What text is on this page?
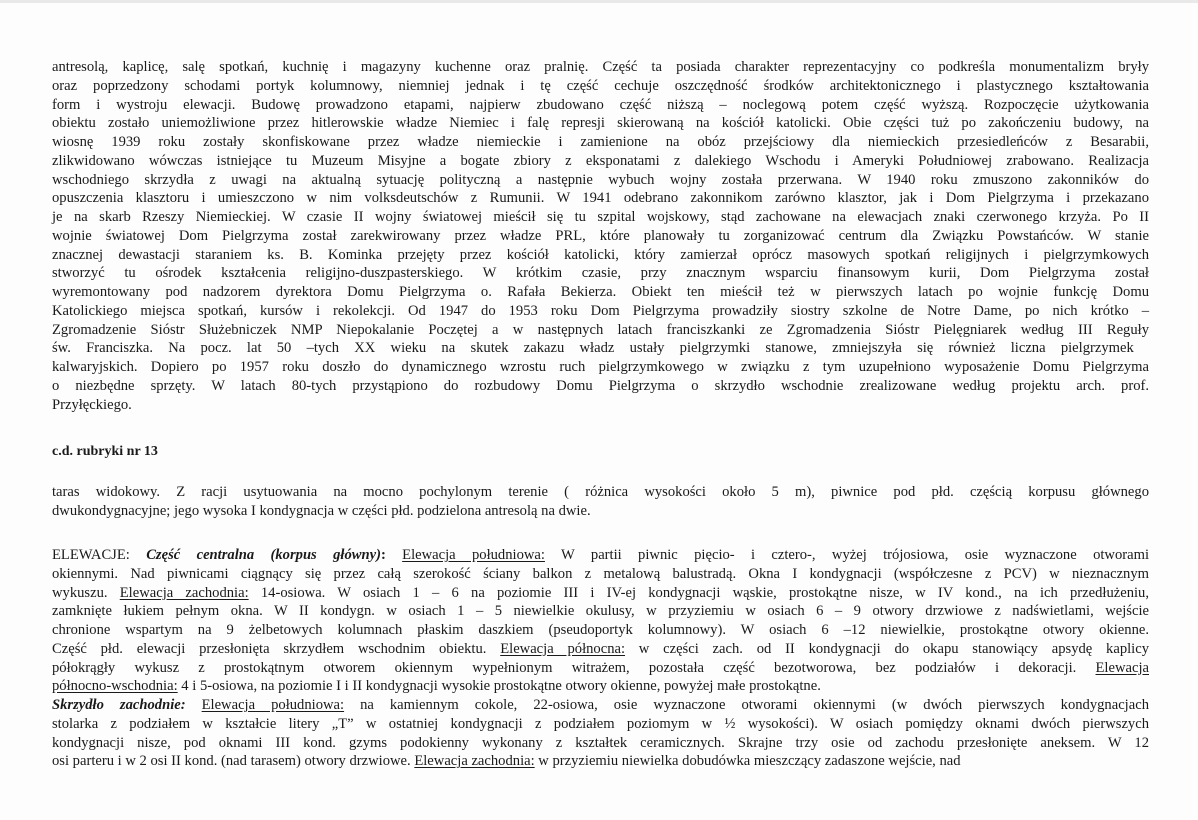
antresolą, kaplicę, salę spotkań, kuchnię i magazyny kuchenne oraz pralnię. Część ta posiada charakter reprezentacyjny co podkreśla monumentalizm bryły
oraz poprzedzony schodami portyk kolumnowy, niemniej jednak i tę część cechuje oszczędność środków architektonicznego i plastycznego kształtowania
form i wystroju elewacji. Budowę prowadzono etapami, najpierw zbudowano część niższą – noclegową potem część wyższą. Rozpoczęcie użytkowania
obiektu zostało uniemożliwione przez hitlerowskie władze Niemiec i falę represji skierowaną na kościół katolicki. Obie części tuż po zakończeniu budowy, na
wiosnę 1939 roku zostały skonfiskowane przez władze niemieckie i zamienione na obóz przejściowy dla niemieckich przesiedleńców z Besarabii,
zlikwidowano wówczas istniejące tu Muzeum Misyjne a bogate zbiory z eksponatami z dalekiego Wschodu i Ameryki Południowej zrabowano. Realizacja
wschodniego skrzydła z uwagi na aktualną sytuację polityczną a następnie wybuch wojny została przerwana. W 1940 roku zmuszono zakonników do
opuszczenia klasztoru i umieszczono w nim volksdeutschów z Rumunii. W 1941 odebrano zakonnikom zarówno klasztor, jak i Dom Pielgrzyma i przekazano
je na skarb Rzeszy Niemieckiej. W czasie II wojny światowej mieścił się tu szpital wojskowy, stąd zachowane na elewacjach znaki czerwonego krzyża. Po II
wojnie światowej Dom Pielgrzyma został zarekwirowany przez władze PRL, które planowały tu zorganizować centrum dla Związku Powstańców. W stanie
znacznej dewastacji staraniem ks. B. Kominka przejęty przez kościół katolicki, który zamierzał oprócz masowych spotkań religijnych i pielgrzymkowych
stworzyć tu ośrodek kształcenia religijno-duszpasterskiego. W krótkim czasie, przy znacznym wsparciu finansowym kurii, Dom Pielgrzyma został
wyremontowany pod nadzorem dyrektora Domu Pielgrzyma o. Rafała Bekierza. Obiekt ten mieścił też w pierwszych latach po wojnie funkcję Domu
Katolickiego miejsca spotkań, kursów i rekolekcji. Od 1947 do 1953 roku Dom Pielgrzyma prowadziły siostry szkolne de Notre Dame, po nich krótko –
Zgromadzenie Sióstr Służebniczek NMP Niepokalanie Poczętej a w następnych latach franciszkanki ze Zgromadzenia Sióstr Pielęgniarek według III Reguły
św. Franciszka. Na pocz. lat 50 –tych XX wieku na skutek zakazu władz ustały pielgrzymki stanowe, zmniejszyła się również liczna pielgrzymek
kalwaryjskich. Dopiero po 1957 roku doszło do dynamicznego wzrostu ruch pielgrzymkowego w związku z tym uzupełniono wyposażenie Domu Pielgrzyma
o niezbędne sprzęty. W latach 80-tych przystąpiono do rozbudowy Domu Pielgrzyma o skrzydło wschodnie zrealizowane według projektu arch. prof.
Przyłęckiego.
c.d. rubryki nr 13
taras widokowy. Z racji usytuowania na mocno pochylonym terenie ( różnica wysokości około 5 m), piwnice pod płd. częścią korpusu głównego
dwukondygnacyjne; jego wysoka I kondygnacja w części płd. podzielona antresolą na dwie.
ELEWACJE: Część centralna (korpus główny): Elewacja południowa: W partii piwnic pięcio- i cztero-, wyżej trójosiowa, osie wyznaczone otworami
okiennymi. Nad piwnicami ciągnący się przez całą szerokość ściany balkon z metalową balustradą. Okna I kondygnacji (współczesne z PCV) w nieznacznym
wykuszu. Elewacja zachodnia: 14-osiowa. W osiach 1 – 6 na poziomie III i IV-ej kondygnacji wąskie, prostokątne nisze, w IV kond., na ich przedłużeniu,
zamknięte łukiem pełnym okna. W II kondygn. w osiach 1 – 5 niewielkie okulusy, w przyziemiu w osiach 6 – 9 otwory drzwiowe z nadświetlami, wejście
chronione wspartym na 9 żelbetowych kolumnach płaskim daszkiem (pseudoportyk kolumnowy). W osiach 6 –12 niewielkie, prostokątne otwory okienne.
Część płd. elewacji przesłonięta skrzydłem wschodnim obiektu. Elewacja północna: w części zach. od II kondygnacji do okapu stanowiący apsydę kaplicy
półokrągły wykusz z prostokątnym otworem okiennym wypełnionym witrażem, pozostała część bezotworowa, bez podziałów i dekoracji. Elewacja
północno-wschodnia: 4 i 5-osiowa, na poziomie I i II kondygnacji wysokie prostokątne otwory okienne, powyżej małe prostokątne.
Skrzydło zachodnie: Elewacja południowa: na kamiennym cokole, 22-osiowa, osie wyznaczone otworami okiennymi (w dwóch pierwszych kondygnacjach
stolarka z podziałem w kształcie litery „T” w ostatniej kondygnacji z podziałem poziomym w ½ wysokości). W osiach pomiędzy oknami dwóch pierwszych
kondygnacji nisze, pod oknami III kond. gzyms podokienny wykonany z kształtek ceramicznych. Skrajne trzy osie od zachodu przesłonięte aneksem. W 12
osi parteru i w 2 osi II kond. (nad tarasem) otwory drzwiowe. Elewacja zachodnia: w przyziemiu niewielka dobudówka mieszczący zadaszone wejście, nad
